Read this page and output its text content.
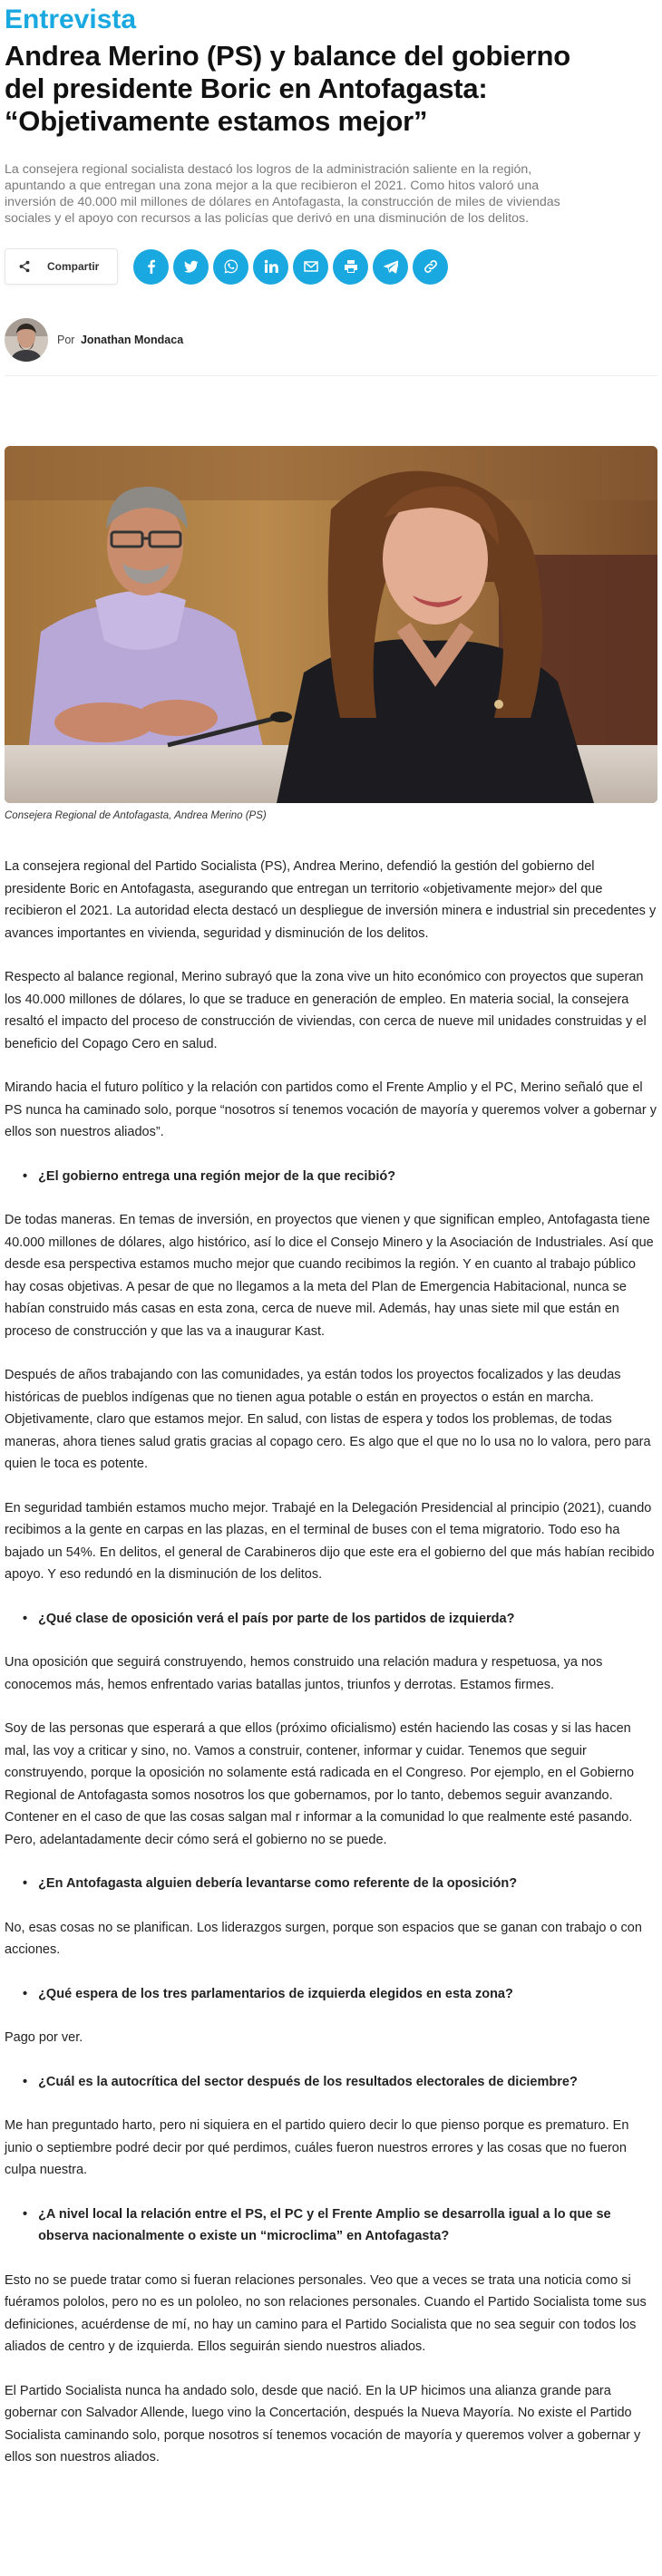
Entrevista
Andrea Merino (PS) y balance del gobierno del presidente Boric en Antofagasta: “Objetivamente estamos mejor”

La consejera regional socialista destacó los logros de la administración saliente en la región, apuntando a que entregan una zona mejor a la que recibieron el 2021. Como hitos valoró una inversión de 40.000 mil millones de dólares en Antofagasta, la construcción de miles de viviendas sociales y el apoyo con recursos a las policías que derivó en una disminución de los delitos.

Compartir
Por Jonathan Mondaca
Consejera Regional de Antofagasta, Andrea Merino (PS)

La consejera regional del Partido Socialista (PS), Andrea Merino, defendió la gestión del gobierno del presidente Boric en Antofagasta, asegurando que entregan un territorio «objetivamente mejor» del que recibieron el 2021. La autoridad electa destacó un despliegue de inversión minera e industrial sin precedentes y avances importantes en vivienda, seguridad y disminución de los delitos.

Respecto al balance regional, Merino subrayó que la zona vive un hito económico con proyectos que superan los 40.000 millones de dólares, lo que se traduce en generación de empleo. En materia social, la consejera resaltó el impacto del proceso de construcción de viviendas, con cerca de nueve mil unidades construidas y el beneficio del Copago Cero en salud.

Mirando hacia el futuro político y la relación con partidos como el Frente Amplio y el PC, Merino señaló que el PS nunca ha caminado solo, porque “nosotros sí tenemos vocación de mayoría y queremos volver a gobernar y ellos son nuestros aliados”.

• ¿El gobierno entrega una región mejor de la que recibió?

De todas maneras. En temas de inversión, en proyectos que vienen y que significan empleo, Antofagasta tiene 40.000 millones de dólares, algo histórico, así lo dice el Consejo Minero y la Asociación de Industriales. Así que desde esa perspectiva estamos mucho mejor que cuando recibimos la región. Y en cuanto al trabajo público hay cosas objetivas. A pesar de que no llegamos a la meta del Plan de Emergencia Habitacional, nunca se habían construido más casas en esta zona, cerca de nueve mil. Además, hay unas siete mil que están en proceso de construcción y que las va a inaugurar Kast.

Después de años trabajando con las comunidades, ya están todos los proyectos focalizados y las deudas históricas de pueblos indígenas que no tienen agua potable o están en proyectos o están en marcha. Objetivamente, claro que estamos mejor. En salud, con listas de espera y todos los problemas, de todas maneras, ahora tienes salud gratis gracias al copago cero. Es algo que el que no lo usa no lo valora, pero para quien le toca es potente.

En seguridad también estamos mucho mejor. Trabajé en la Delegación Presidencial al principio (2021), cuando recibimos a la gente en carpas en las plazas, en el terminal de buses con el tema migratorio. Todo eso ha bajado un 54%. En delitos, el general de Carabineros dijo que este era el gobierno del que más habían recibido apoyo. Y eso redundó en la disminución de los delitos.

• ¿Qué clase de oposición verá el país por parte de los partidos de izquierda?

Una oposición que seguirá construyendo, hemos construido una relación madura y respetuosa, ya nos conocemos más, hemos enfrentado varias batallas juntos, triunfos y derrotas. Estamos firmes.

Soy de las personas que esperará a que ellos (próximo oficialismo) estén haciendo las cosas y si las hacen mal, las voy a criticar y sino, no. Vamos a construir, contener, informar y cuidar. Tenemos que seguir construyendo, porque la oposición no solamente está radicada en el Congreso. Por ejemplo, en el Gobierno Regional de Antofagasta somos nosotros los que gobernamos, por lo tanto, debemos seguir avanzando. Contener en el caso de que las cosas salgan mal r informar a la comunidad lo que realmente esté pasando. Pero, adelantadamente decir cómo será el gobierno no se puede.

• ¿En Antofagasta alguien debería levantarse como referente de la oposición?

No, esas cosas no se planifican. Los liderazgos surgen, porque son espacios que se ganan con trabajo o con acciones.

• ¿Qué espera de los tres parlamentarios de izquierda elegidos en esta zona?

Pago por ver.

• ¿Cuál es la autocrítica del sector después de los resultados electorales de diciembre?

Me han preguntado harto, pero ni siquiera en el partido quiero decir lo que pienso porque es prematuro. En junio o septiembre podré decir por qué perdimos, cuáles fueron nuestros errores y las cosas que no fueron culpa nuestra.

• ¿A nivel local la relación entre el PS, el PC y el Frente Amplio se desarrolla igual a lo que se observa nacionalmente o existe un “microclima” en Antofagasta?

Esto no se puede tratar como si fueran relaciones personales. Veo que a veces se trata una noticia como si fuéramos pololos, pero no es un pololeo, no son relaciones personales. Cuando el Partido Socialista tome sus definiciones, acuérdense de mí, no hay un camino para el Partido Socialista que no sea seguir con todos los aliados de centro y de izquierda. Ellos seguirán siendo nuestros aliados.

El Partido Socialista nunca ha andado solo, desde que nació. En la UP hicimos una alianza grande para gobernar con Salvador Allende, luego vino la Concertación, después la Nueva Mayoría. No existe el Partido Socialista caminando solo, porque nosotros sí tenemos vocación de mayoría y queremos volver a gobernar y ellos son nuestros aliados.
